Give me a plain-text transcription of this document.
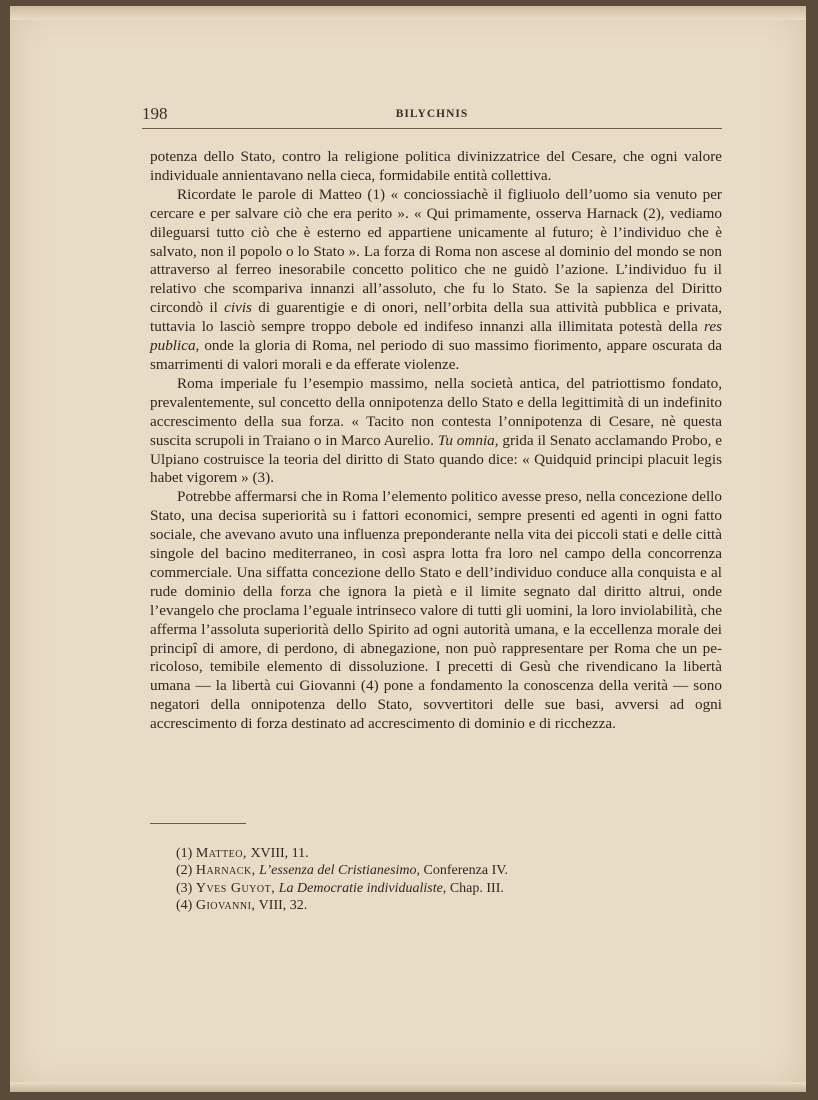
198	BILYCHNIS

potenza dello Stato, contro la religione politica divinizzatrice del Cesare, che ogni valore individuale annientavano nella cieca, formidabile entità collettiva.

Ricordate le parole di Matteo (1) « conciossiachè il figliuolo dell’uomo sia venuto per cercare e per salvare ciò che era perito ». « Qui primamente, osserva Harnack (2), vediamo dileguarsi tutto ciò che è esterno ed appartiene unicamente al futuro; è l’individuo che è salvato, non il popolo o lo Stato ». La forza di Roma non ascese al dominio del mondo se non attraverso al ferreo inesorabile concetto politico che ne guidò l’azione. L’individuo fu il relativo che scompariva innanzi all’assoluto, che fu lo Stato. Se la sapienza del Diritto circondò il civis di guarentigie e di onori, nell’orbita della sua attività pubblica e privata, tuttavia lo lasciò sempre troppo debole ed indifeso innanzi alla illimitata potestà della res publica, onde la gloria di Roma, nel periodo di suo massimo fiorimento, appare oscurata da smarrimenti di valori morali e da efferate violenze.

Roma imperiale fu l’esempio massimo, nella società antica, del patriottismo fondato, prevalentemente, sul concetto della onnipotenza dello Stato e della legittimità di un indefinito accrescimento della sua forza. « Tacito non contesta l’onnipotenza di Cesare, nè questa suscita scrupoli in Traiano o in Marco Aurelio. Tu omnia, grida il Senato acclamando Probo, e Ulpiano costruisce la teoria del diritto di Stato quando dice: « Quidquid principi placuit legis habet vigorem » (3).

Potrebbe affermarsi che in Roma l’elemento politico avesse preso, nella concezione dello Stato, una decisa superiorità su i fattori economici, sempre presenti ed agenti in ogni fatto sociale, che avevano avuto una influenza preponderante nella vita dei piccoli stati e delle città singole del bacino mediterraneo, in così aspra lotta fra loro nel campo della concorrenza commerciale. Una siffatta concezione dello Stato e dell’individuo conduce alla conquista e al rude dominio della forza che ignora la pietà e il limite segnato dal diritto altrui, onde l’evangelo che proclama l’eguale intrinseco valore di tutti gli uomini, la loro inviolabilità, che afferma l’assoluta superiorità dello Spirito ad ogni autorità umana, e la eccellenza morale dei principî di amore, di perdono, di abnegazione, non può rappresentare per Roma che un pericoloso, temibile elemento di dissoluzione. I precetti di Gesù che rivendicano la libertà umana — la libertà cui Giovanni (4) pone a fondamento la conoscenza della verità — sono negatori della onnipotenza dello Stato, sovvertitori delle sue basi, avversi ad ogni accrescimento di forza destinato ad accrescimento di dominio e di ricchezza.

(1) Matteo, XVIII, 11.
(2) Harnack, L’essenza del Cristianesimo, Conferenza IV.
(3) Yves Guyot, La Democratie individualiste, Chap. III.
(4) Giovanni, VIII, 32.
